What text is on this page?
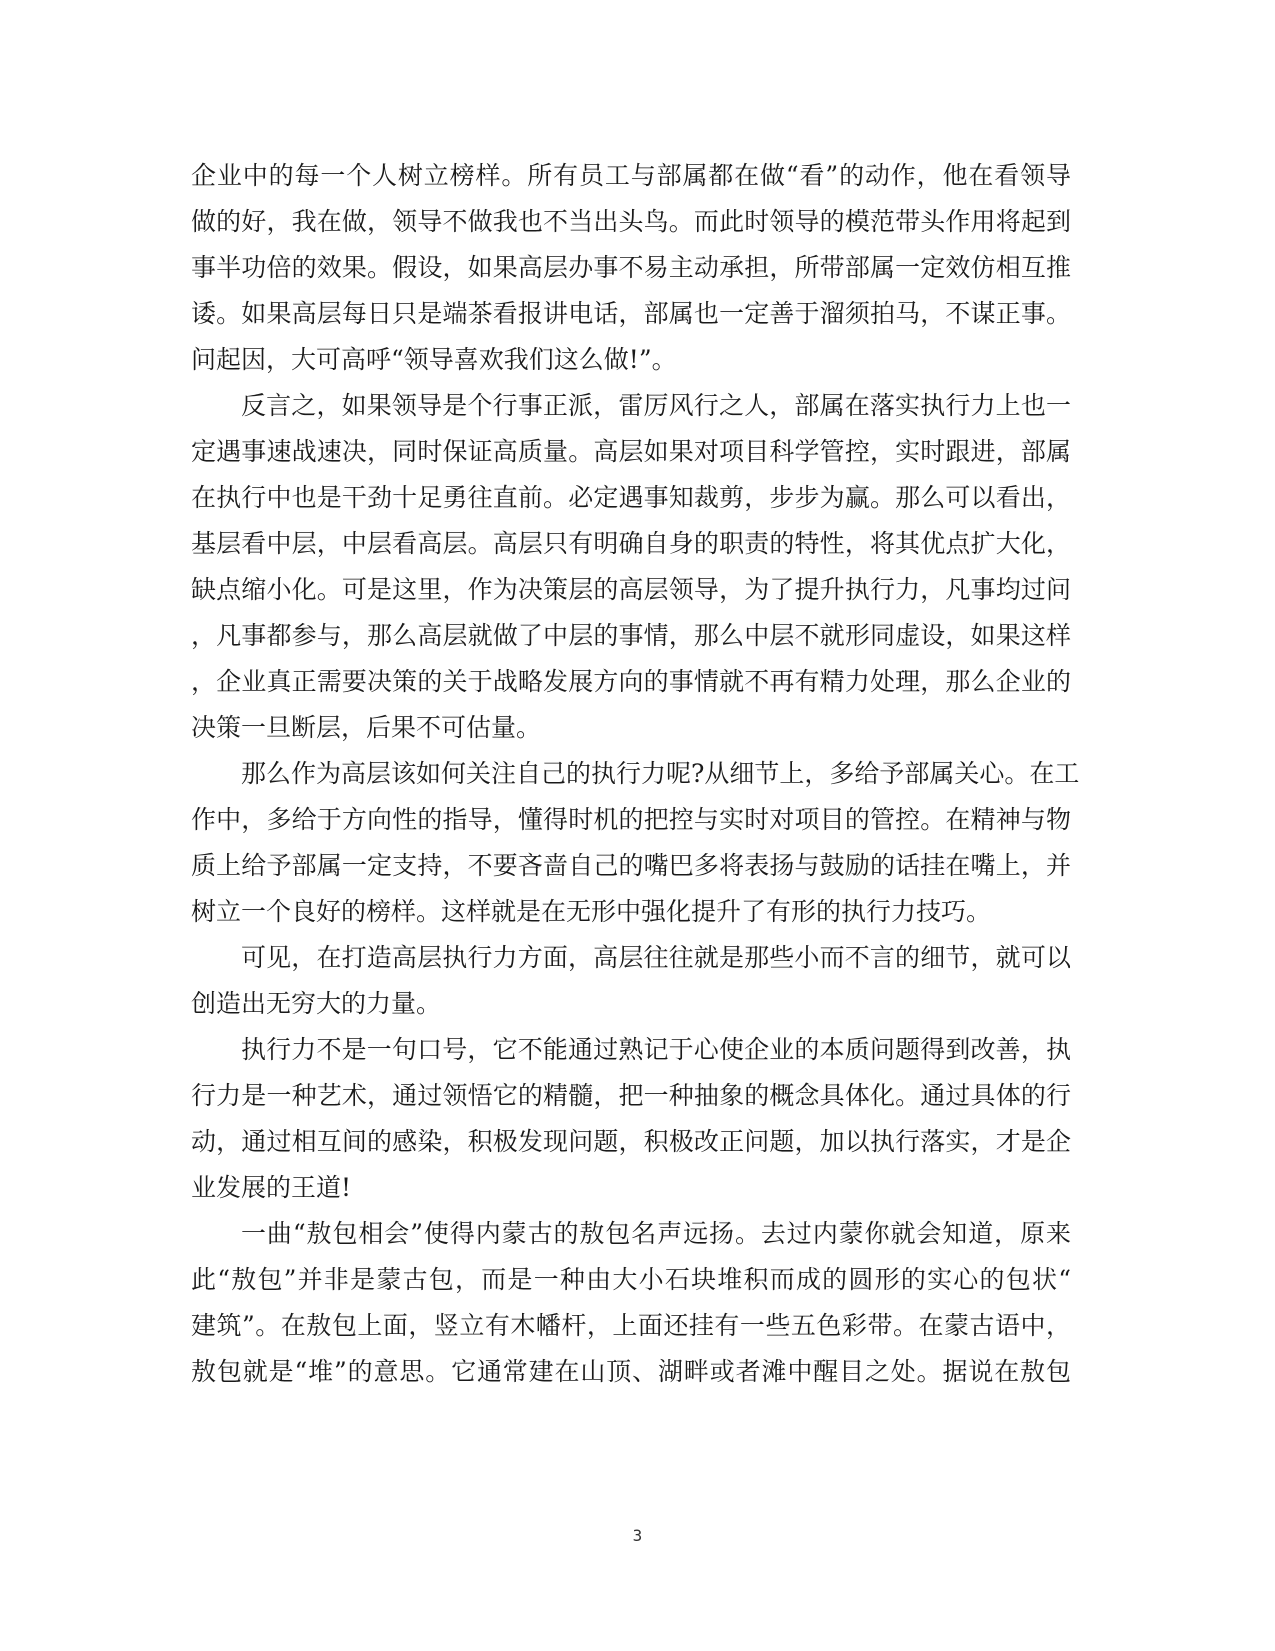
企业中的每一个人树立榜样。所有员工与部属都在做“看”的动作，他在看领导
做的好，我在做，领导不做我也不当出头鸟。而此时领导的模范带头作用将起到
事半功倍的效果。假设，如果高层办事不易主动承担，所带部属一定效仿相互推
诿。如果高层每日只是端茶看报讲电话，部属也一定善于溜须拍马，不谋正事。
问起因，大可高呼“领导喜欢我们这么做!”。
反言之，如果领导是个行事正派，雷厉风行之人，部属在落实执行力上也一
定遇事速战速决，同时保证高质量。高层如果对项目科学管控，实时跟进，部属
在执行中也是干劲十足勇往直前。必定遇事知裁剪，步步为赢。那么可以看出，
基层看中层，中层看高层。高层只有明确自身的职责的特性，将其优点扩大化，
缺点缩小化。可是这里，作为决策层的高层领导，为了提升执行力，凡事均过问
，凡事都参与，那么高层就做了中层的事情，那么中层不就形同虚设，如果这样
，企业真正需要决策的关于战略发展方向的事情就不再有精力处理，那么企业的
决策一旦断层，后果不可估量。
那么作为高层该如何关注自己的执行力呢?从细节上，多给予部属关心。在工
作中，多给于方向性的指导，懂得时机的把控与实时对项目的管控。在精神与物
质上给予部属一定支持，不要吝啬自己的嘴巴多将表扬与鼓励的话挂在嘴上，并
树立一个良好的榜样。这样就是在无形中强化提升了有形的执行力技巧。
可见，在打造高层执行力方面，高层往往就是那些小而不言的细节，就可以
创造出无穷大的力量。
执行力不是一句口号，它不能通过熟记于心使企业的本质问题得到改善，执
行力是一种艺术，通过领悟它的精髓，把一种抽象的概念具体化。通过具体的行
动，通过相互间的感染，积极发现问题，积极改正问题，加以执行落实，才是企
业发展的王道!
一曲“敖包相会”使得内蒙古的敖包名声远扬。去过内蒙你就会知道，原来
此“敖包”并非是蒙古包，而是一种由大小石块堆积而成的圆形的实心的包状“
建筑”。在敖包上面，竖立有木幡杆，上面还挂有一些五色彩带。在蒙古语中，
敖包就是“堆”的意思。它通常建在山顶、湖畔或者滩中醒目之处。据说在敖包
3
